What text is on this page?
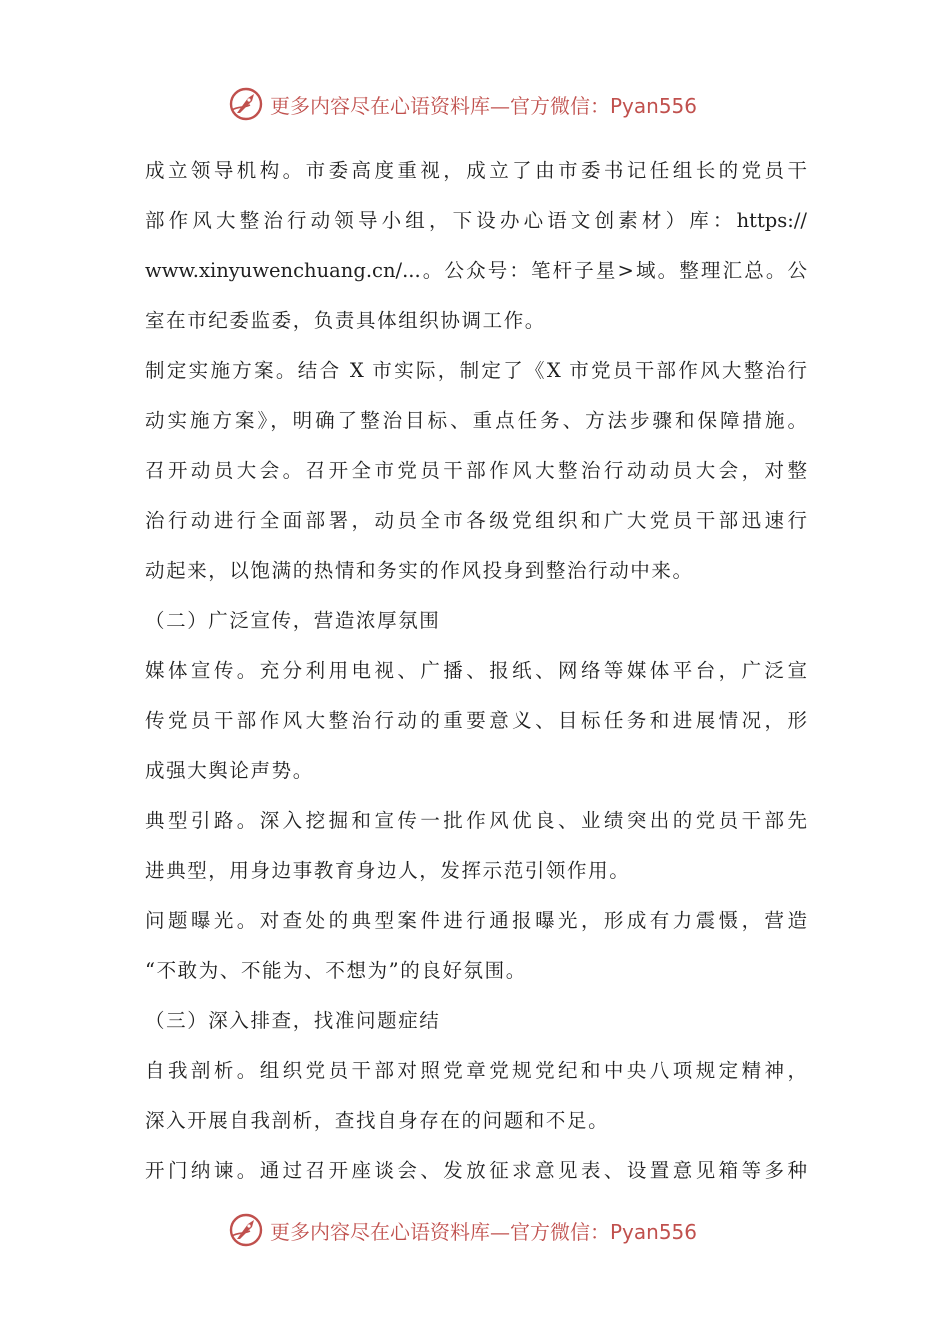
更多内容尽在心语资料库—官方微信：Pyan556
成立领导机构。市委高度重视，成立了由市委书记任组长的党员干
部作风大整治行动领导小组，下设办心语文创素材）库：https://
www.xinyuwenchuang.cn/...。公众号：笔杆子星>域。整理汇总。公
室在市纪委监委，负责具体组织协调工作。
制定实施方案。结合 X 市实际，制定了《X 市党员干部作风大整治行
动实施方案》，明确了整治目标、重点任务、方法步骤和保障措施。
召开动员大会。召开全市党员干部作风大整治行动动员大会，对整
治行动进行全面部署，动员全市各级党组织和广大党员干部迅速行
动起来，以饱满的热情和务实的作风投身到整治行动中来。
（二）广泛宣传，营造浓厚氛围
媒体宣传。充分利用电视、广播、报纸、网络等媒体平台，广泛宣
传党员干部作风大整治行动的重要意义、目标任务和进展情况，形
成强大舆论声势。
典型引路。深入挖掘和宣传一批作风优良、业绩突出的党员干部先
进典型，用身边事教育身边人，发挥示范引领作用。
问题曝光。对查处的典型案件进行通报曝光，形成有力震慑，营造
“不敢为、不能为、不想为”的良好氛围。
（三）深入排查，找准问题症结
自我剖析。组织党员干部对照党章党规党纪和中央八项规定精神，
深入开展自我剖析，查找自身存在的问题和不足。
开门纳谏。通过召开座谈会、发放征求意见表、设置意见箱等多种
更多内容尽在心语资料库—官方微信：Pyan556
